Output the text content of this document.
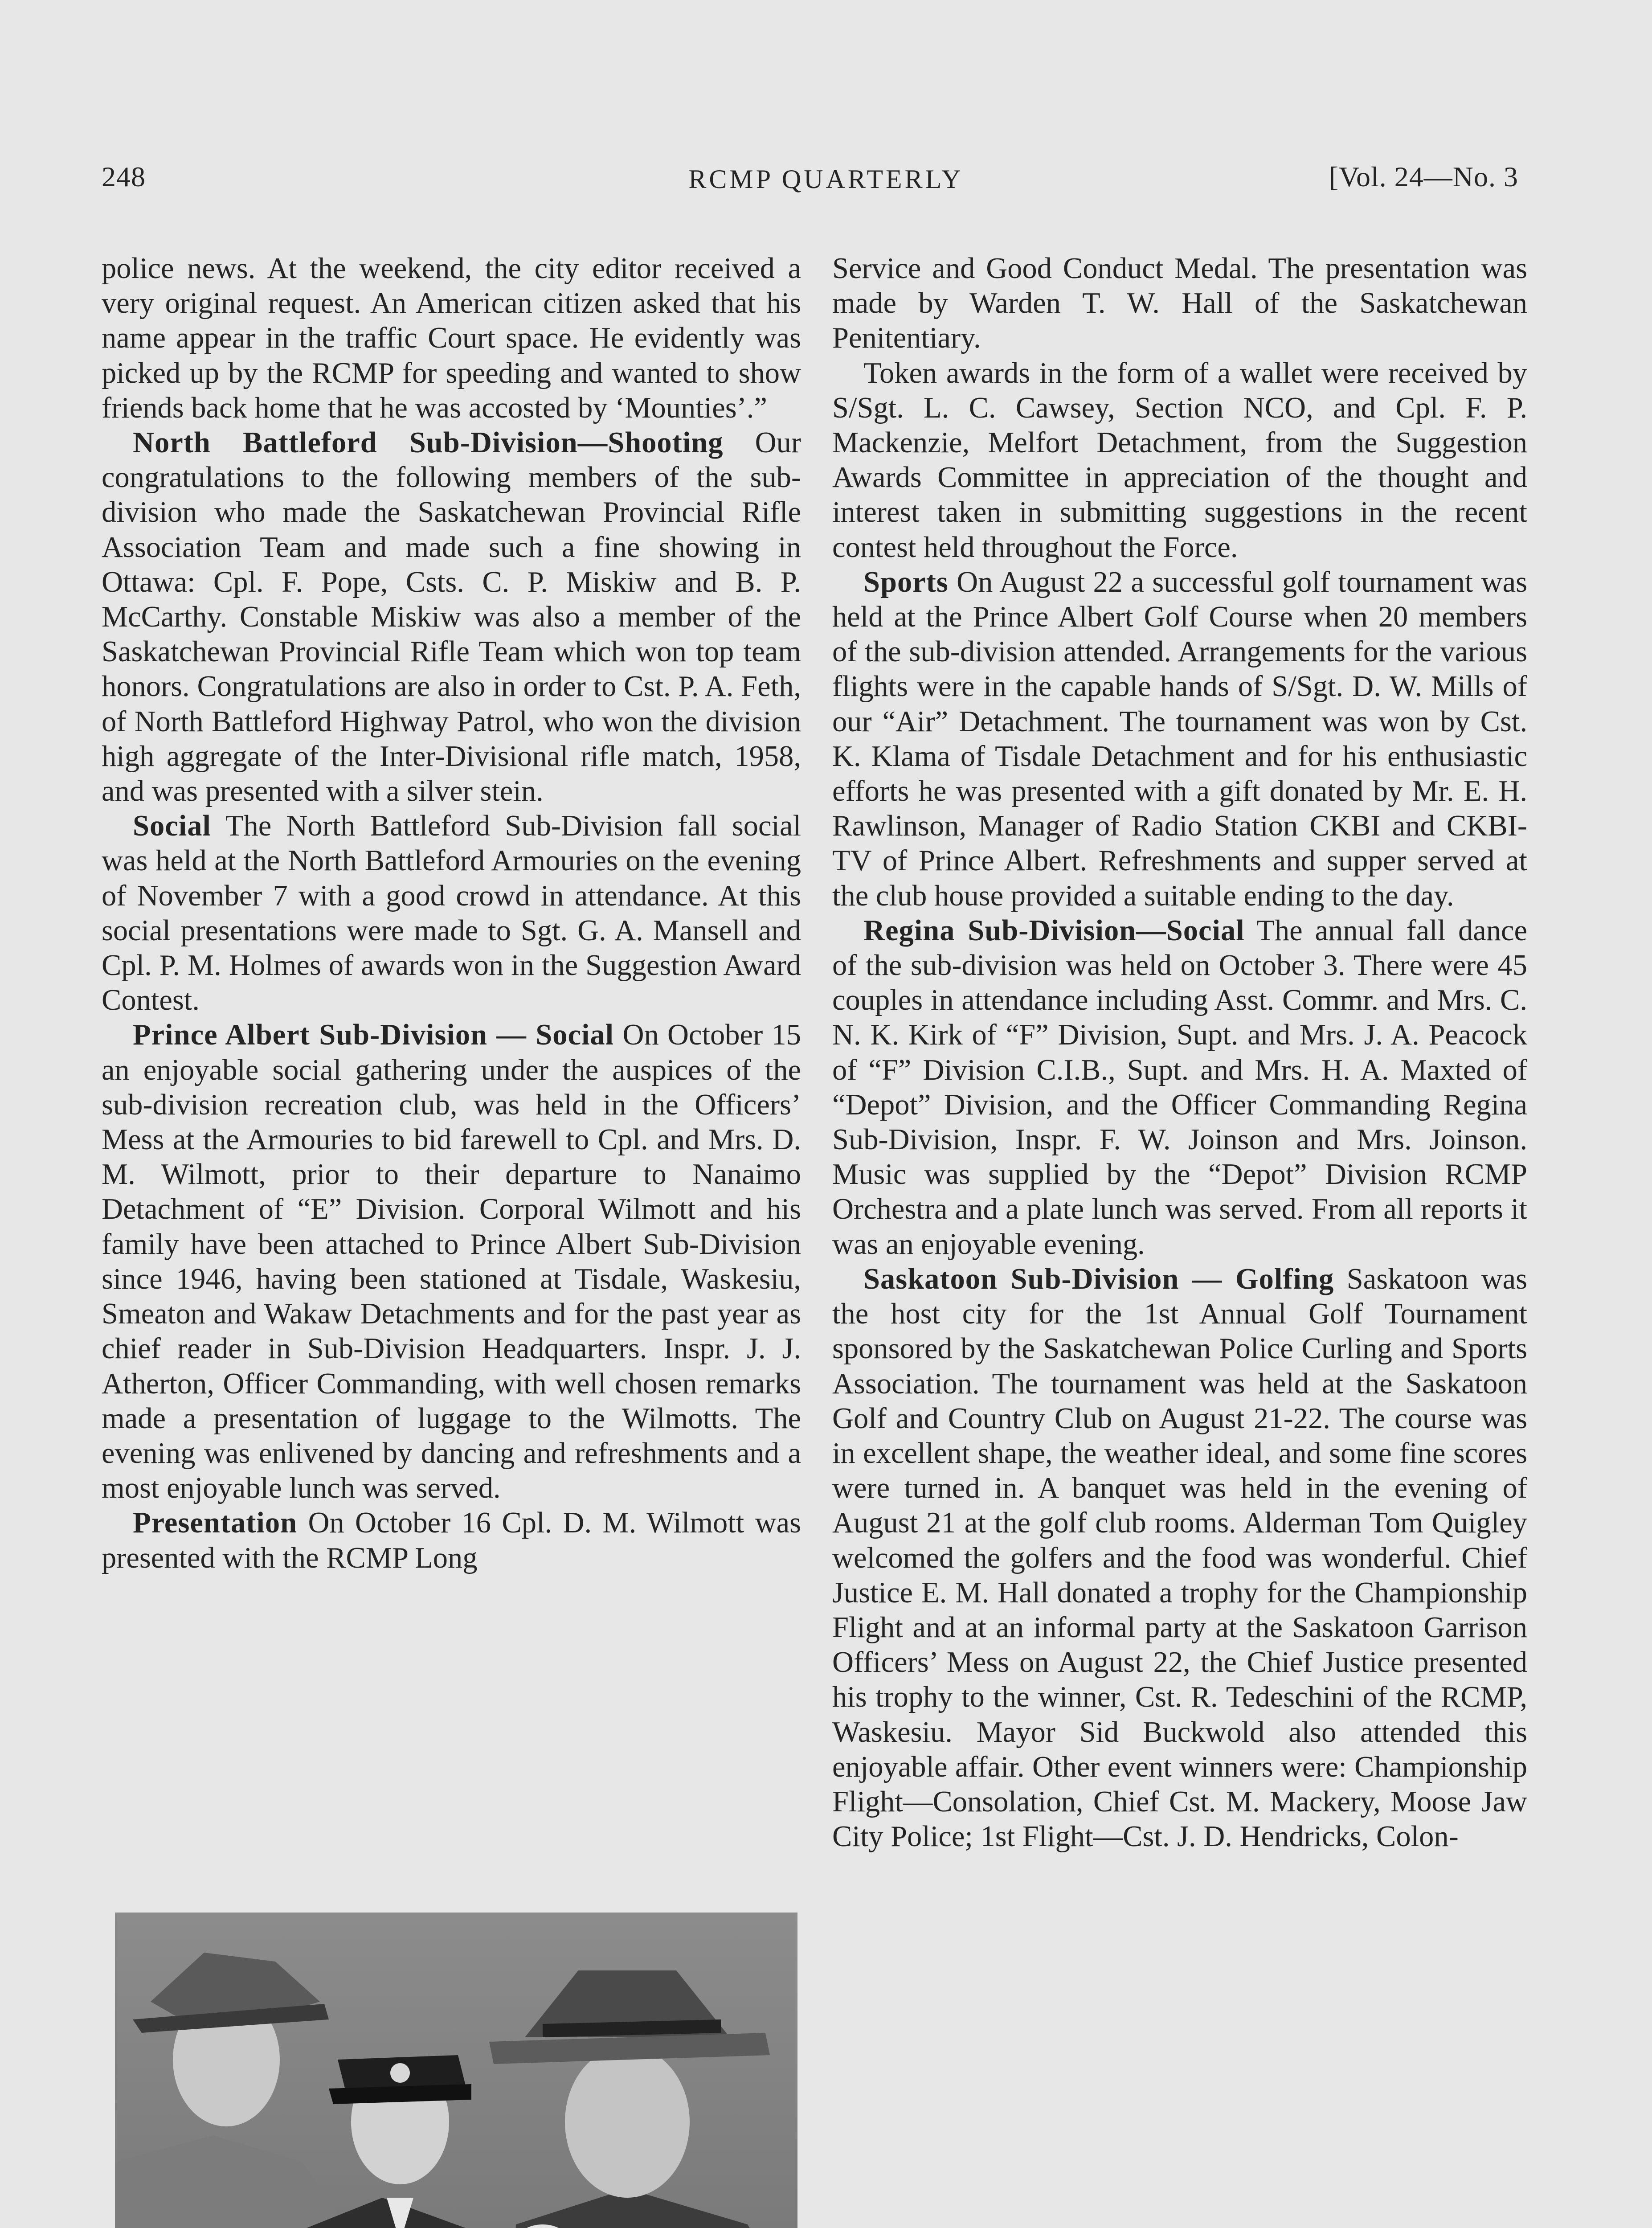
248	RCMP QUARTERLY	[Vol. 24—No. 3

police news. At the weekend, the city editor received a very original request. An American citizen asked that his name appear in the traffic Court space. He evidently was picked up by the RCMP for speeding and wanted to show friends back home that he was accosted by ‘Mounties’.”

North Battleford Sub-Division—Shooting Our congratulations to the following members of the sub-division who made the Saskatchewan Provincial Rifle Association Team and made such a fine showing in Ottawa: Cpl. F. Pope, Csts. C. P. Miskiw and B. P. McCarthy. Constable Miskiw was also a member of the Saskatchewan Provincial Rifle Team which won top team honors. Congratulations are also in order to Cst. P. A. Feth, of North Battleford Highway Patrol, who won the division high aggregate of the Inter-Divisional rifle match, 1958, and was presented with a silver stein.

Social The North Battleford Sub-Division fall social was held at the North Battleford Armouries on the evening of November 7 with a good crowd in attendance. At this social presentations were made to Sgt. G. A. Mansell and Cpl. P. M. Holmes of awards won in the Suggestion Award Contest.

Prince Albert Sub-Division — Social On October 15 an enjoyable social gathering under the auspices of the sub-division recreation club, was held in the Officers’ Mess at the Armouries to bid farewell to Cpl. and Mrs. D. M. Wilmott, prior to their departure to Nanaimo Detachment of “E” Division. Corporal Wilmott and his family have been attached to Prince Albert Sub-Division since 1946, having been stationed at Tisdale, Waskesiu, Smeaton and Wakaw Detachments and for the past year as chief reader in Sub-Division Headquarters. Inspr. J. J. Atherton, Officer Commanding, with well chosen remarks made a presentation of luggage to the Wilmotts. The evening was enlivened by dancing and refreshments and a most enjoyable lunch was served.

Presentation On October 16 Cpl. D. M. Wilmott was presented with the RCMP Long

Service and Good Conduct Medal. The presentation was made by Warden T. W. Hall of the Saskatchewan Penitentiary.

Token awards in the form of a wallet were received by S/Sgt. L. C. Cawsey, Section NCO, and Cpl. F. P. Mackenzie, Melfort Detachment, from the Suggestion Awards Committee in appreciation of the thought and interest taken in submitting suggestions in the recent contest held throughout the Force.

Sports On August 22 a successful golf tournament was held at the Prince Albert Golf Course when 20 members of the sub-division attended. Arrangements for the various flights were in the capable hands of S/Sgt. D. W. Mills of our “Air” Detachment. The tournament was won by Cst. K. Klama of Tisdale Detachment and for his enthusiastic efforts he was presented with a gift donated by Mr. E. H. Rawlinson, Manager of Radio Station CKBI and CKBI-TV of Prince Albert. Refreshments and supper served at the club house provided a suitable ending to the day.

Regina Sub-Division—Social The annual fall dance of the sub-division was held on October 3. There were 45 couples in attendance including Asst. Commr. and Mrs. C. N. K. Kirk of “F” Division, Supt. and Mrs. J. A. Peacock of “F” Division C.I.B., Supt. and Mrs. H. A. Maxted of “Depot” Division, and the Officer Commanding Regina Sub-Division, Inspr. F. W. Joinson and Mrs. Joinson. Music was supplied by the “Depot” Division RCMP Orchestra and a plate lunch was served. From all reports it was an enjoyable evening.

Saskatoon Sub-Division — Golfing Saskatoon was the host city for the 1st Annual Golf Tournament sponsored by the Saskatchewan Police Curling and Sports Association. The tournament was held at the Saskatoon Golf and Country Club on August 21-22. The course was in excellent shape, the weather ideal, and some fine scores were turned in. A banquet was held in the evening of August 21 at the golf club rooms. Alderman Tom Quigley welcomed the golfers and the food was wonderful. Chief Justice E. M. Hall donated a trophy for the Championship Flight and at an informal party at the Saskatoon Garrison Officers’ Mess on August 22, the Chief Justice presented his trophy to the winner, Cst. R. Tedeschini of the RCMP, Waskesiu. Mayor Sid Buckwold also attended this enjoyable affair. Other event winners were: Championship Flight—Consolation, Chief Cst. M. Mackery, Moose Jaw City Police; 1st Flight—Cst. J. D. Hendricks, Colon-
